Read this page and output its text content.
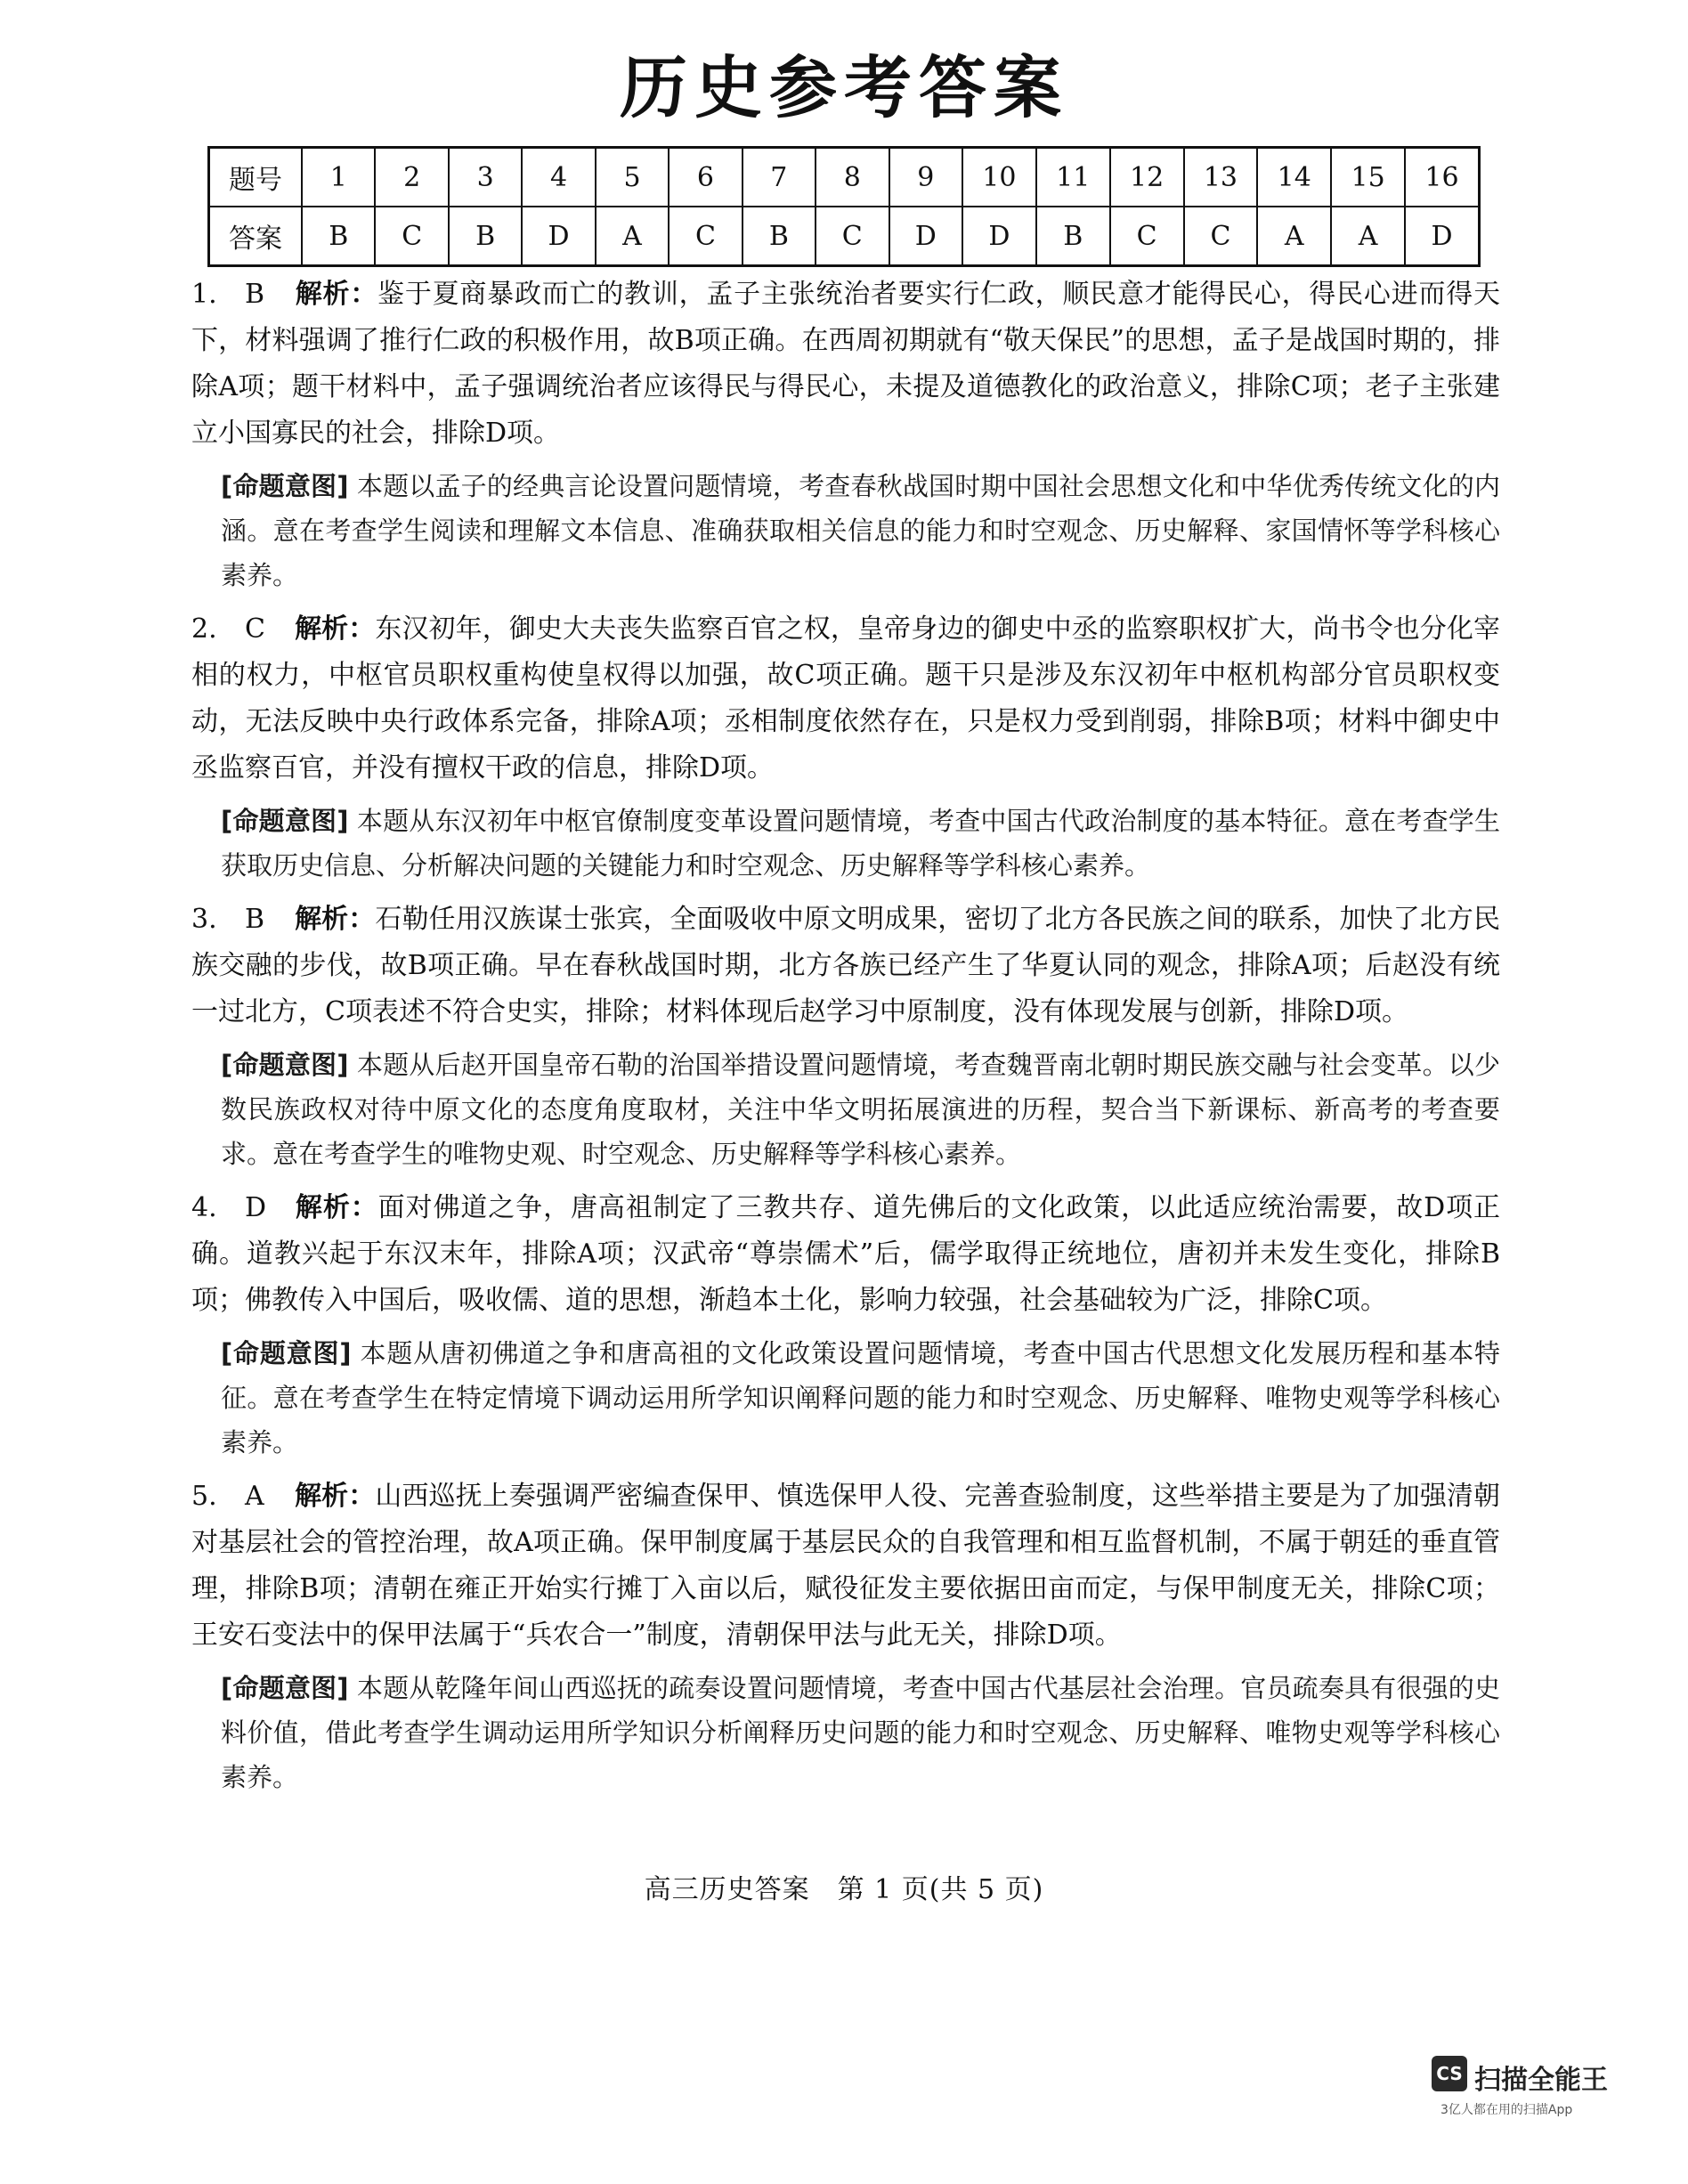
历史参考答案
题号	1	2	3	4	5	6	7	8	9	10	11	12	13	14	15	16
答案	B	C	B	D	A	C	B	C	D	D	B	C	C	A	A	D

1. B 解析：鉴于夏商暴政而亡的教训，孟子主张统治者要实行仁政，顺民意才能得民心，得民心进而得天下，材料强调了推行仁政的积极作用，故B项正确。在西周初期就有“敬天保民”的思想，孟子是战国时期的，排除A项；题干材料中，孟子强调统治者应该得民与得民心，未提及道德教化的政治意义，排除C项；老子主张建立小国寡民的社会，排除D项。

[命题意图] 本题以孟子的经典言论设置问题情境，考查春秋战国时期中国社会思想文化和中华优秀传统文化的内涵。意在考查学生阅读和理解文本信息、准确获取相关信息的能力和时空观念、历史解释、家国情怀等学科核心素养。

2. C 解析：东汉初年，御史大夫丧失监察百官之权，皇帝身边的御史中丞的监察职权扩大，尚书令也分化宰相的权力，中枢官员职权重构使皇权得以加强，故C项正确。题干只是涉及东汉初年中枢机构部分官员职权变动，无法反映中央行政体系完备，排除A项；丞相制度依然存在，只是权力受到削弱，排除B项；材料中御史中丞监察百官，并没有擅权干政的信息，排除D项。

[命题意图] 本题从东汉初年中枢官僚制度变革设置问题情境，考查中国古代政治制度的基本特征。意在考查学生获取历史信息、分析解决问题的关键能力和时空观念、历史解释等学科核心素养。

3. B 解析：石勒任用汉族谋士张宾，全面吸收中原文明成果，密切了北方各民族之间的联系，加快了北方民族交融的步伐，故B项正确。早在春秋战国时期，北方各族已经产生了华夏认同的观念，排除A项；后赵没有统一过北方，C项表述不符合史实，排除；材料体现后赵学习中原制度，没有体现发展与创新，排除D项。

[命题意图] 本题从后赵开国皇帝石勒的治国举措设置问题情境，考查魏晋南北朝时期民族交融与社会变革。以少数民族政权对待中原文化的态度角度取材，关注中华文明拓展演进的历程，契合当下新课标、新高考的考查要求。意在考查学生的唯物史观、时空观念、历史解释等学科核心素养。

4. D 解析：面对佛道之争，唐高祖制定了三教共存、道先佛后的文化政策，以此适应统治需要，故D项正确。道教兴起于东汉末年，排除A项；汉武帝“尊崇儒术”后，儒学取得正统地位，唐初并未发生变化，排除B项；佛教传入中国后，吸收儒、道的思想，渐趋本土化，影响力较强，社会基础较为广泛，排除C项。

[命题意图] 本题从唐初佛道之争和唐高祖的文化政策设置问题情境，考查中国古代思想文化发展历程和基本特征。意在考查学生在特定情境下调动运用所学知识阐释问题的能力和时空观念、历史解释、唯物史观等学科核心素养。

5. A 解析：山西巡抚上奏强调严密编查保甲、慎选保甲人役、完善查验制度，这些举措主要是为了加强清朝对基层社会的管控治理，故A项正确。保甲制度属于基层民众的自我管理和相互监督机制，不属于朝廷的垂直管理，排除B项；清朝在雍正开始实行摊丁入亩以后，赋役征发主要依据田亩而定，与保甲制度无关，排除C项；王安石变法中的保甲法属于“兵农合一”制度，清朝保甲法与此无关，排除D项。

[命题意图] 本题从乾隆年间山西巡抚的疏奏设置问题情境，考查中国古代基层社会治理。官员疏奏具有很强的史料价值，借此考查学生调动运用所学知识分析阐释历史问题的能力和时空观念、历史解释、唯物史观等学科核心素养。

高三历史答案　第 1 页(共 5 页)
CS 扫描全能王
3亿人都在用的扫描App
